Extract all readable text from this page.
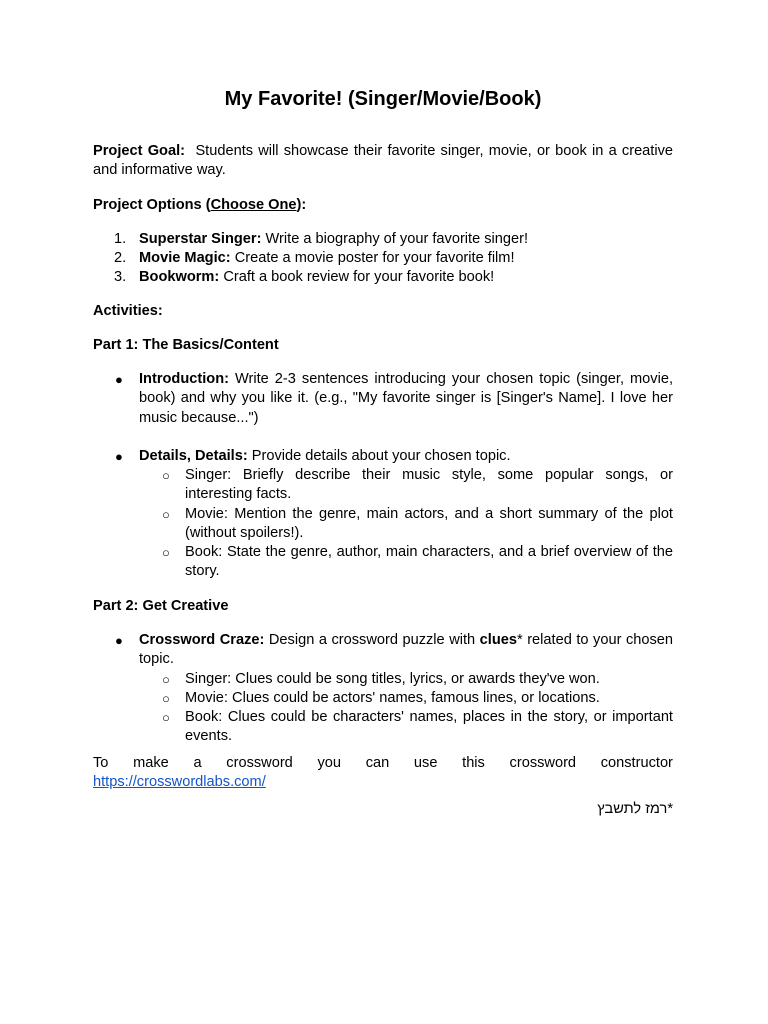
My Favorite! (Singer/Movie/Book)

Project Goal: Students will showcase their favorite singer, movie, or book in a creative and informative way.

Project Options (Choose One):

1. Superstar Singer: Write a biography of your favorite singer!
2. Movie Magic: Create a movie poster for your favorite film!
3. Bookworm: Craft a book review for your favorite book!

Activities:

Part 1: The Basics/Content

● Introduction: Write 2-3 sentences introducing your chosen topic (singer, movie, book) and why you like it. (e.g., "My favorite singer is [Singer's Name]. I love her music because...")
● Details, Details: Provide details about your chosen topic.
○ Singer: Briefly describe their music style, some popular songs, or interesting facts.
○ Movie: Mention the genre, main actors, and a short summary of the plot (without spoilers!).
○ Book: State the genre, author, main characters, and a brief overview of the story.

Part 2: Get Creative

● Crossword Craze: Design a crossword puzzle with clues* related to your chosen topic.
○ Singer: Clues could be song titles, lyrics, or awards they've won.
○ Movie: Clues could be actors' names, famous lines, or locations.
○ Book: Clues could be characters' names, places in the story, or important events.
To make a crossword you can use this crossword constructor
https://crosswordlabs.com/
*רמז לתשבץ
